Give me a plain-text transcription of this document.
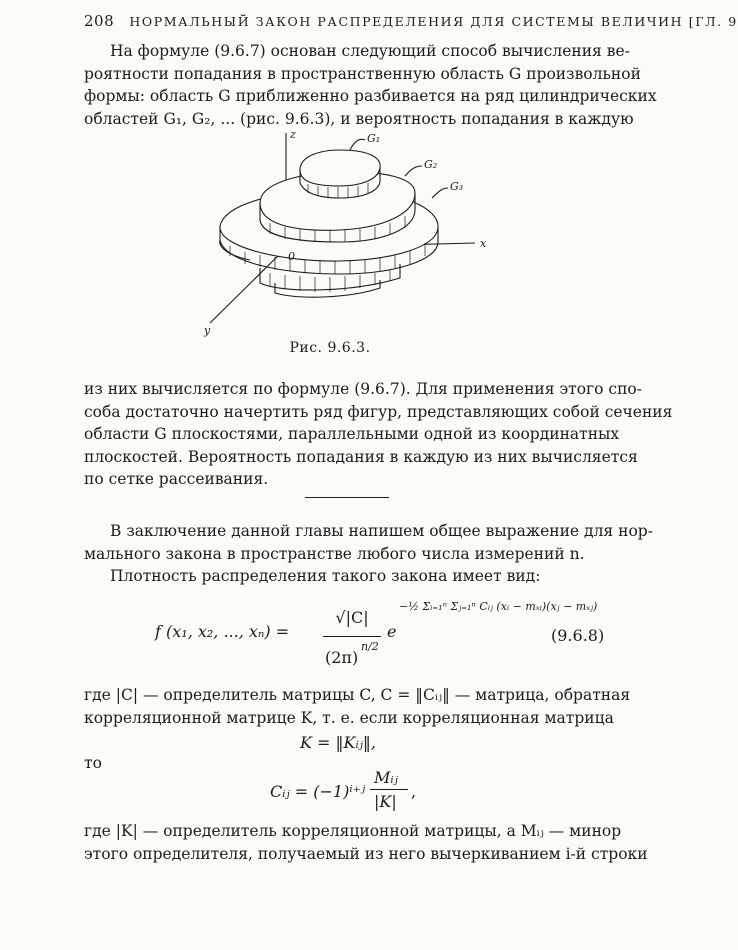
208 НОРМАЛЬНЫЙ ЗАКОН РАСПРЕДЕЛЕНИЯ ДЛЯ СИСТЕМЫ ВЕЛИЧИН [ГЛ. 9
На формуле (9.6.7) основан следующий способ вычисления ве-
роятности попадания в пространственную область G произвольной
формы: область G приближенно разбивается на ряд цилиндрических
областей G₁, G₂, ... (рис. 9.6.3), и вероятность попадания в каждую
z
x
y
0
G₁
G₂
G₃
Рис. 9.6.3.
из них вычисляется по формуле (9.6.7). Для применения этого спо-
соба достаточно начертить ряд фигур, представляющих собой сечения
области G плоскостями, параллельными одной из координатных
плоскостей. Вероятность попадания в каждую из них вычисляется
по сетке рассеивания.
В заключение данной главы напишем общее выражение для нор-
мального закона в пространстве любого числа измерений n.
Плотность распределения такого закона имеет вид:
f (x₁, x₂, ..., xₙ) =
√|C|
(2π)
n/2
e
−½ Σᵢ₌₁ⁿ Σⱼ₌₁ⁿ Cᵢⱼ (xᵢ − mₓᵢ)(xⱼ − mₓⱼ)
(9.6.8)
где |C| — определитель матрицы C, C = ‖Cᵢⱼ‖ — матрица, обратная
корреляционной матрице K, т. е. если корреляционная матрица
K = ‖Kᵢⱼ‖,
то
Cᵢⱼ = (−1)ⁱ⁺ʲ
Mᵢⱼ
|K|
,
где |K| — определитель корреляционной матрицы, а Mᵢⱼ — минор
этого определителя, получаемый из него вычеркиванием i-й строки
